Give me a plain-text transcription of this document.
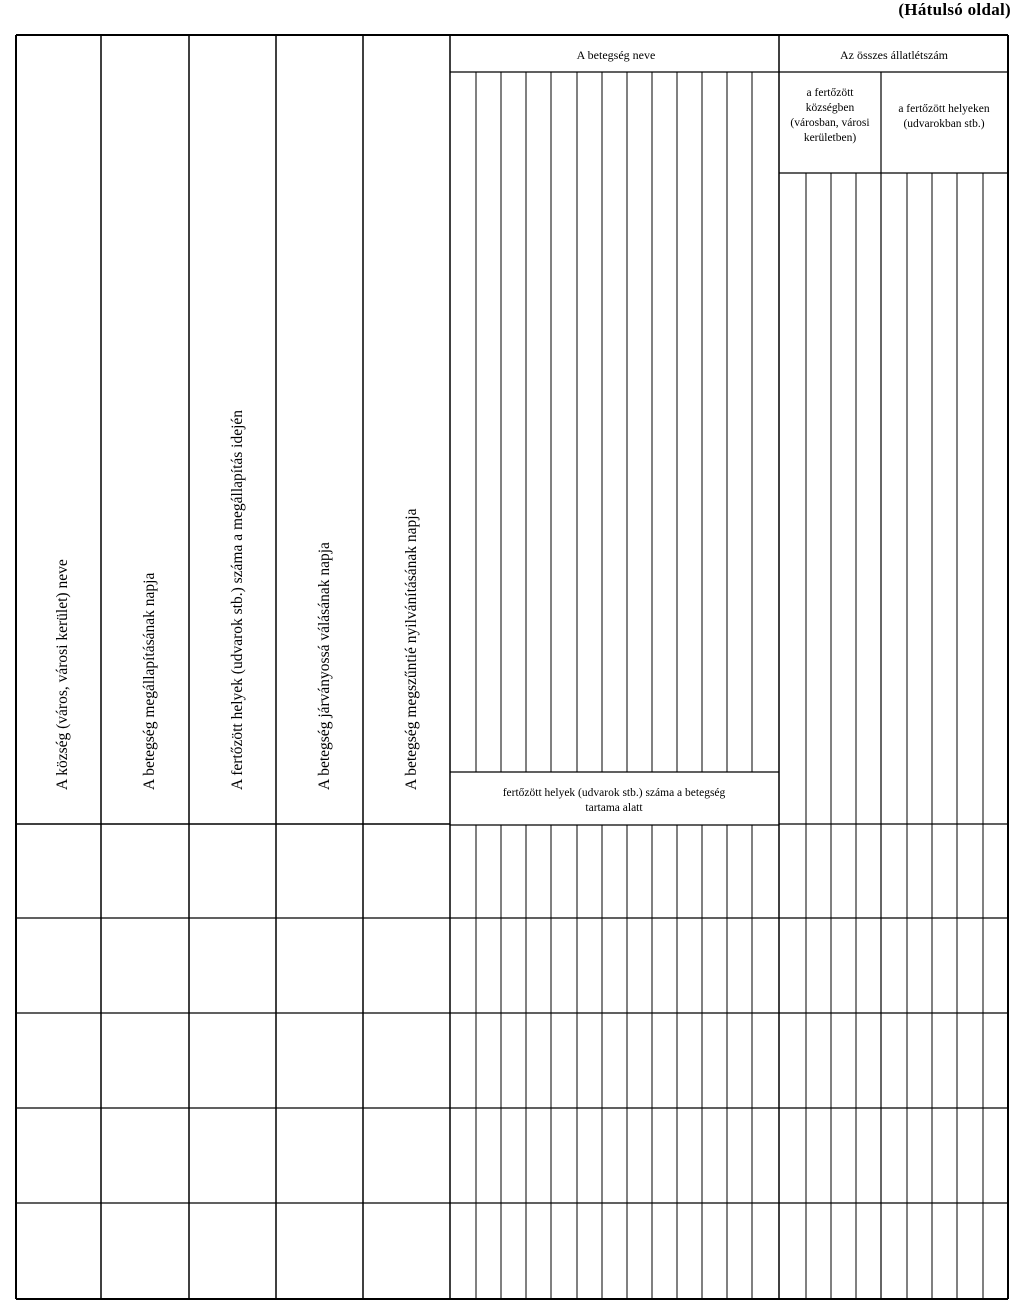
(Hátulsó oldal)
A község (város, városi kerület) neve	A betegség megállapításának napja	A fertőzött helyek (udvarok stb.) száma a megállapítás idején	A betegség járványossá válásának napja	A betegség megszűntié nyilvánításának napja
A betegség neve	Az összes állatlétszám
a fertőzött községben (városban, városi kerületben)
a fertőzött helyeken (udvarokban stb.)
fertőzött helyek (udvarok stb.) száma a betegség tartama alatt
